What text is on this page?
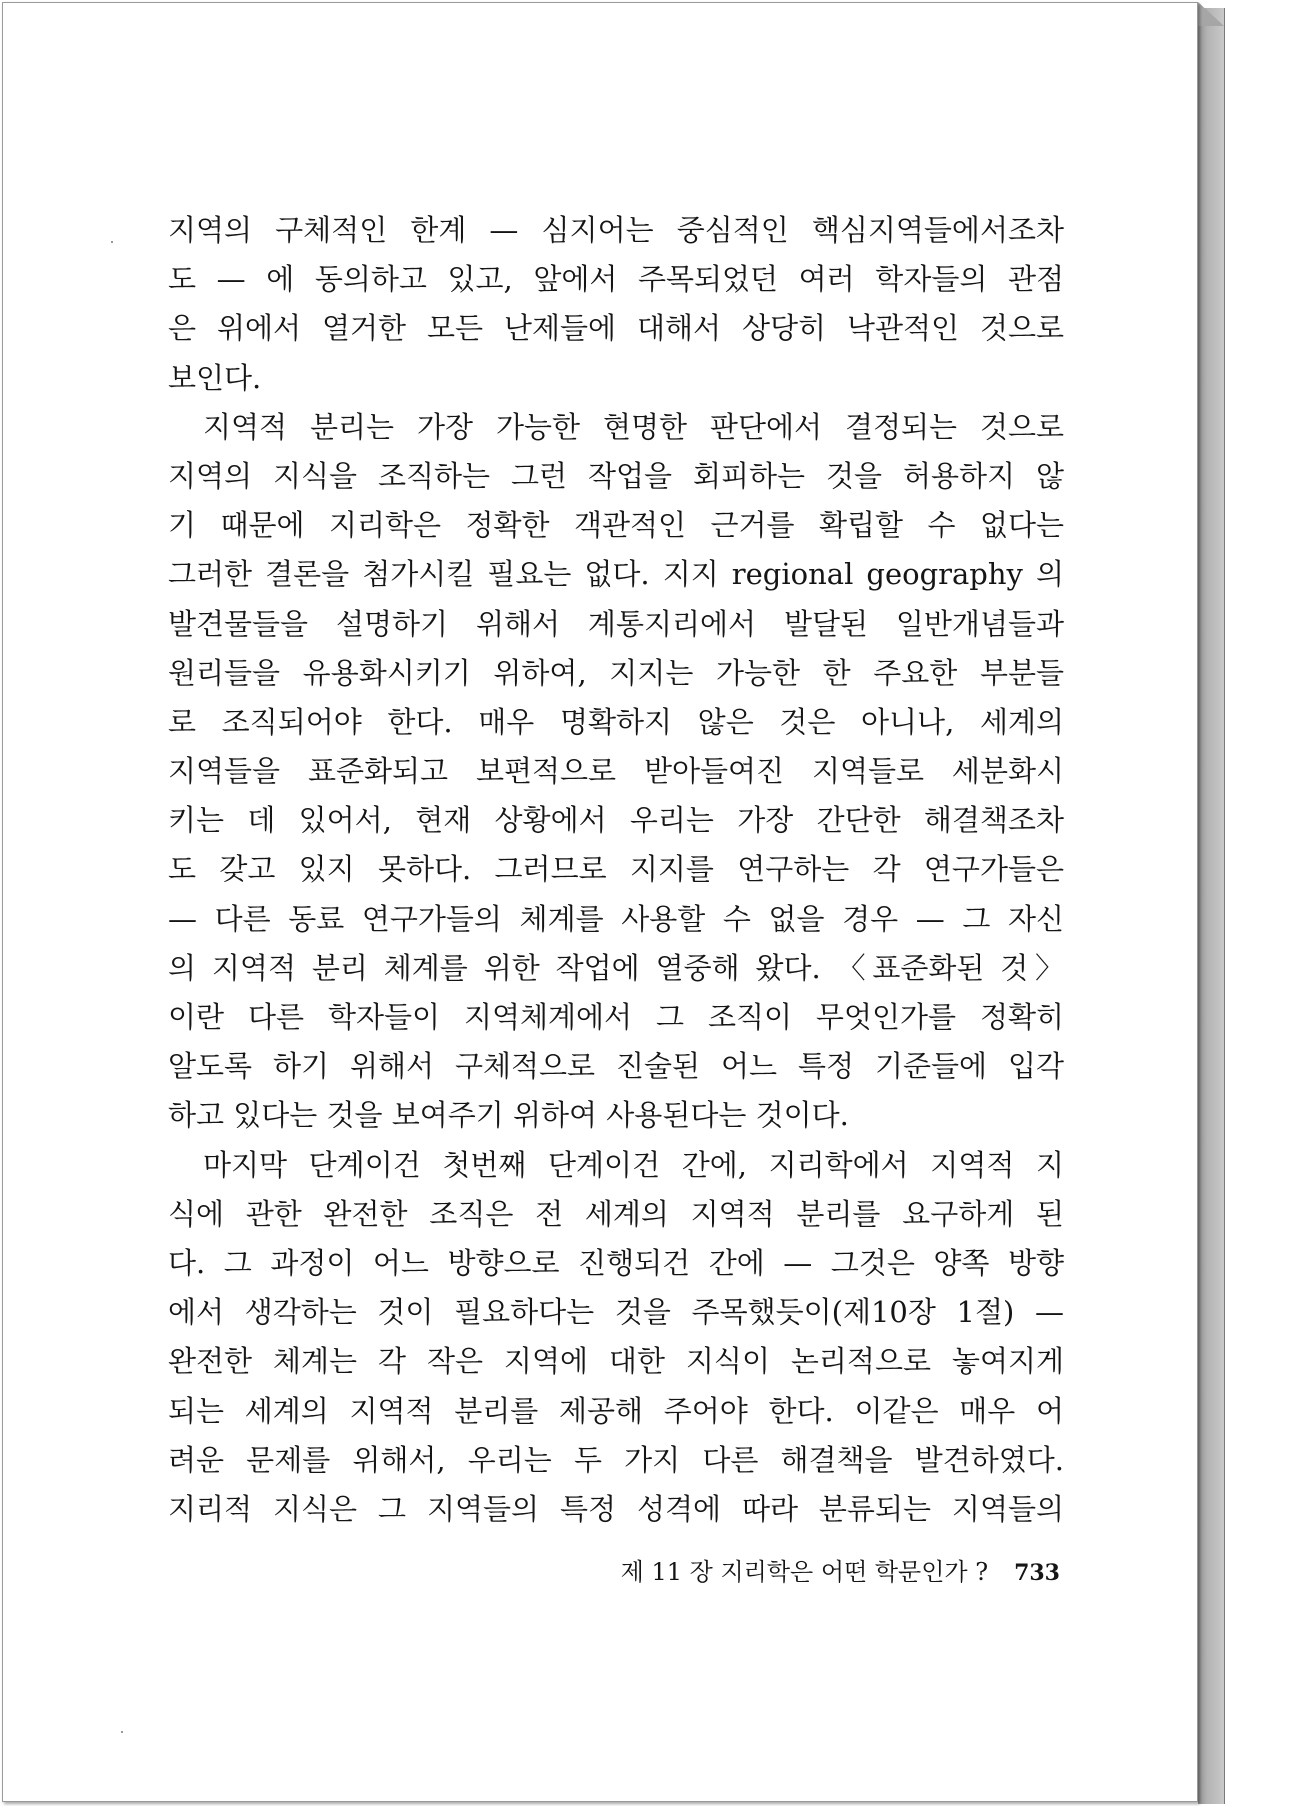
지역의 구체적인 한계 — 심지어는 중심적인 핵심지역들에서조차
도 — 에 동의하고 있고, 앞에서 주목되었던 여러 학자들의 관점
은 위에서 열거한 모든 난제들에 대해서 상당히 낙관적인 것으로
보인다.
지역적 분리는 가장 가능한 현명한 판단에서 결정되는 것으로
지역의 지식을 조직하는 그런 작업을 회피하는 것을 허용하지 않
기 때문에 지리학은 정확한 객관적인 근거를 확립할 수 없다는
그러한 결론을 첨가시킬 필요는 없다. 지지 regional geography 의
발견물들을 설명하기 위해서 계통지리에서 발달된 일반개념들과
원리들을 유용화시키기 위하여, 지지는 가능한 한 주요한 부분들
로 조직되어야 한다. 매우 명확하지 않은 것은 아니나, 세계의
지역들을 표준화되고 보편적으로 받아들여진 지역들로 세분화시
키는 데 있어서, 현재 상황에서 우리는 가장 간단한 해결책조차
도 갖고 있지 못하다. 그러므로 지지를 연구하는 각 연구가들은
— 다른 동료 연구가들의 체계를 사용할 수 없을 경우 — 그 자신
의 지역적 분리 체계를 위한 작업에 열중해 왔다. 〈표준화된 것〉
이란 다른 학자들이 지역체계에서 그 조직이 무엇인가를 정확히
알도록 하기 위해서 구체적으로 진술된 어느 특정 기준들에 입각
하고 있다는 것을 보여주기 위하여 사용된다는 것이다.
마지막 단계이건 첫번째 단계이건 간에, 지리학에서 지역적 지
식에 관한 완전한 조직은 전 세계의 지역적 분리를 요구하게 된
다. 그 과정이 어느 방향으로 진행되건 간에 — 그것은 양쪽 방향
에서 생각하는 것이 필요하다는 것을 주목했듯이(제10장 1절) —
완전한 체계는 각 작은 지역에 대한 지식이 논리적으로 놓여지게
되는 세계의 지역적 분리를 제공해 주어야 한다. 이같은 매우 어
려운 문제를 위해서, 우리는 두 가지 다른 해결책을 발견하였다.
지리적 지식은 그 지역들의 특정 성격에 따라 분류되는 지역들의
제 11 장 지리학은 어떤 학문인가 ? 733
